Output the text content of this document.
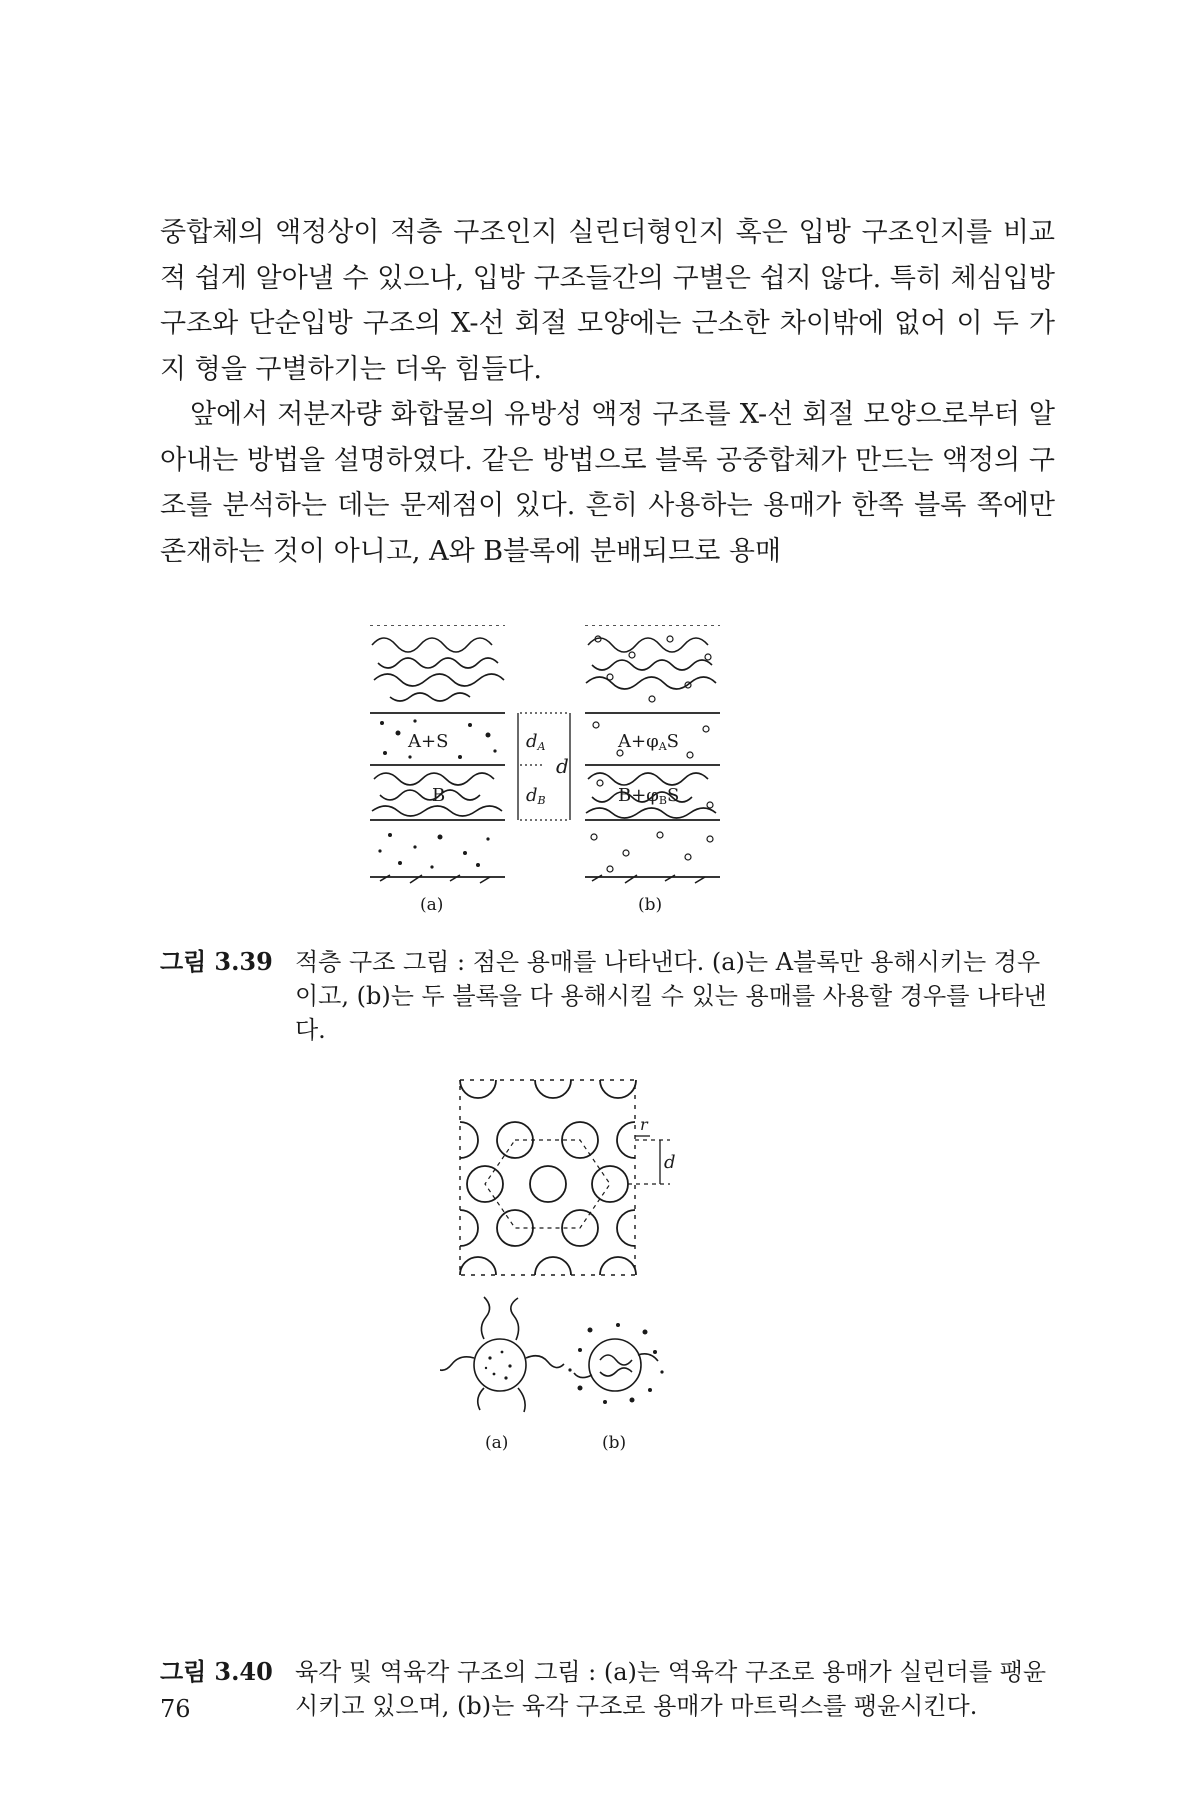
중합체의 액정상이 적층 구조인지 실린더형인지 혹은 입방 구조인지를 비교적 쉽게 알아낼 수 있으나, 입방 구조들간의 구별은 쉽지 않다. 특히 체심입방 구조와 단순입방 구조의 X-선 회절 모양에는 근소한 차이밖에 없어 이 두 가지 형을 구별하기는 더욱 힘들다.

앞에서 저분자량 화합물의 유방성 액정 구조를 X-선 회절 모양으로부터 알아내는 방법을 설명하였다. 같은 방법으로 블록 공중합체가 만드는 액정의 구조를 분석하는 데는 문제점이 있다. 흔히 사용하는 용매가 한쪽 블록 쪽에만 존재하는 것이 아니고, A와 B블록에 분배되므로 용매

A+S
B
dA
dB
d
A+φAS
B+φBS
(a)	(b)
그림 3.39 적층 구조 그림 : 점은 용매를 나타낸다. (a)는 A블록만 용해시키는 경우이고, (b)는 두 블록을 다 용해시킬 수 있는 용매를 사용할 경우를 나타낸다.
r
d
(a)	(b)
그림 3.40 육각 및 역육각 구조의 그림 : (a)는 역육각 구조로 용매가 실린더를 팽윤시키고 있으며, (b)는 육각 구조로 용매가 마트릭스를 팽윤시킨다.
76
